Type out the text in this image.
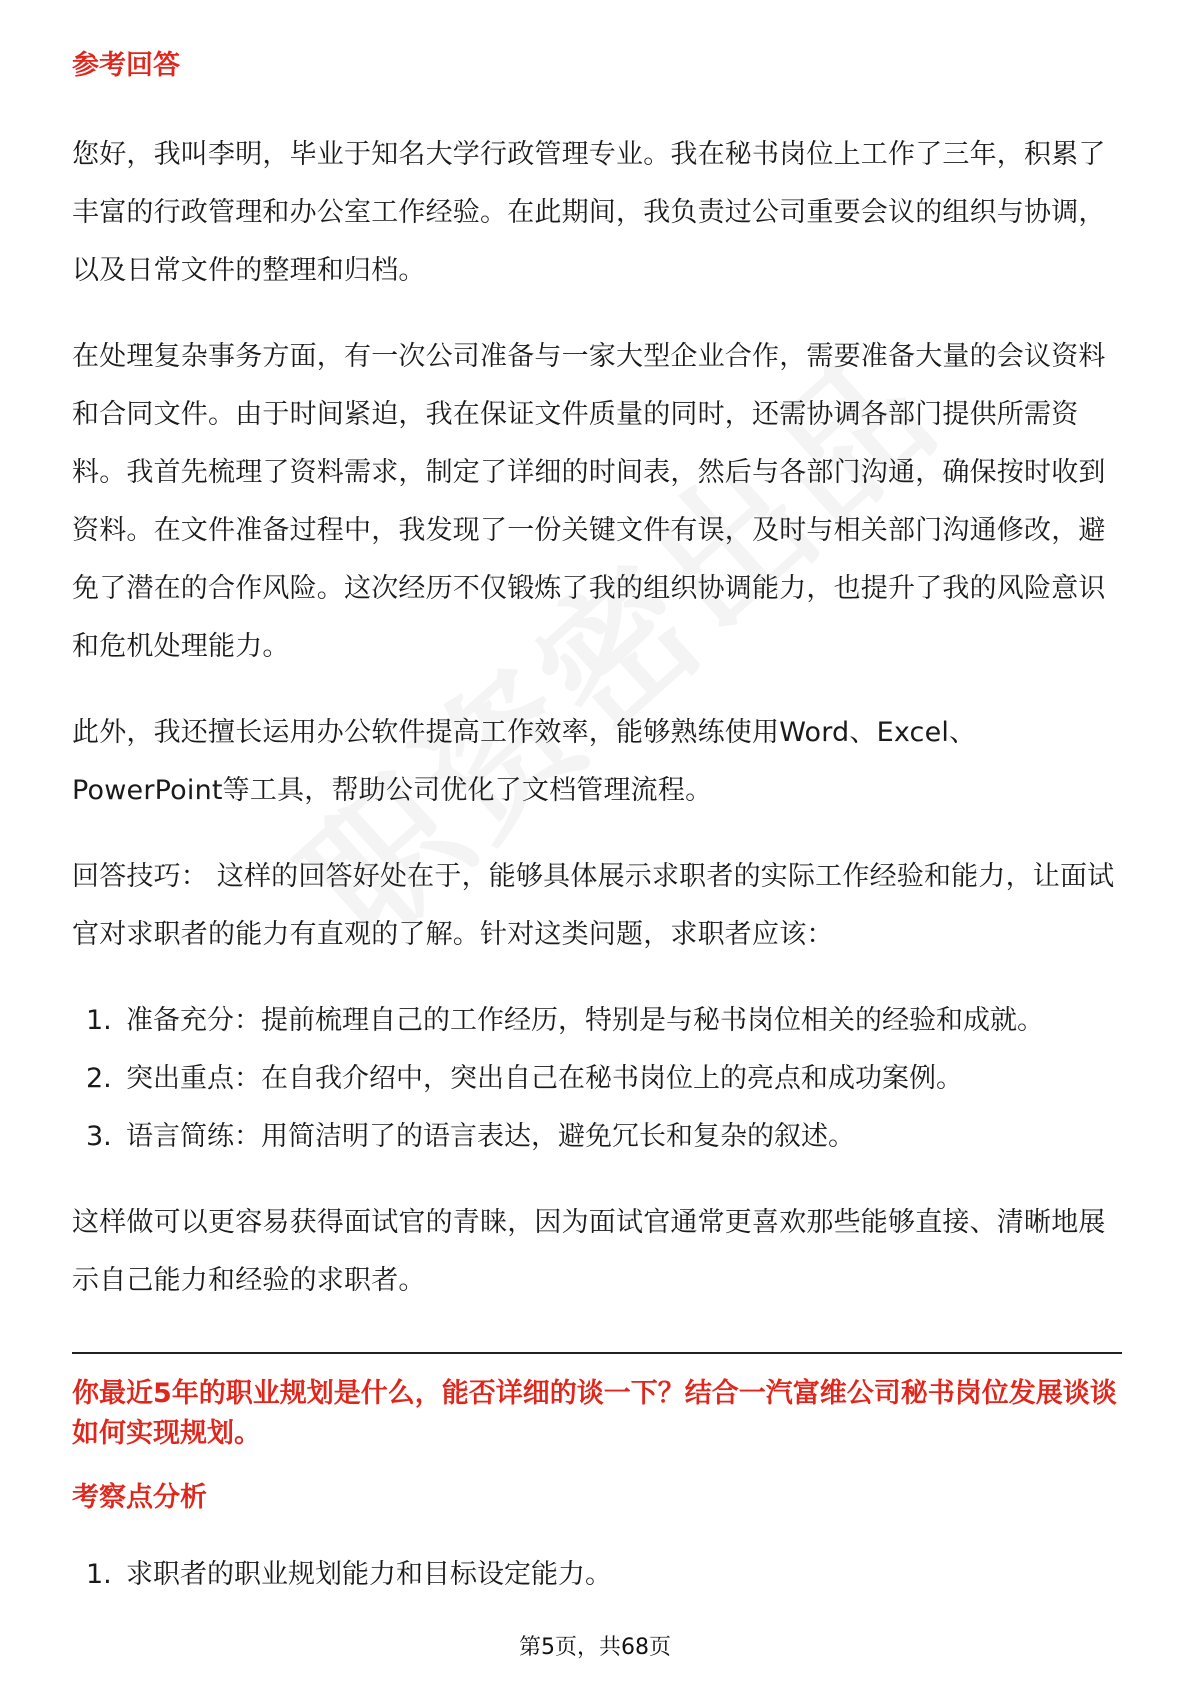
参考回答

您好，我叫李明，毕业于知名大学行政管理专业。我在秘书岗位上工作了三年，积累了丰富的行政管理和办公室工作经验。在此期间，我负责过公司重要会议的组织与协调，以及日常文件的整理和归档。

在处理复杂事务方面，有一次公司准备与一家大型企业合作，需要准备大量的会议资料和合同文件。由于时间紧迫，我在保证文件质量的同时，还需协调各部门提供所需资料。我首先梳理了资料需求，制定了详细的时间表，然后与各部门沟通，确保按时收到资料。在文件准备过程中，我发现了一份关键文件有误，及时与相关部门沟通修改，避免了潜在的合作风险。这次经历不仅锻炼了我的组织协调能力，也提升了我的风险意识和危机处理能力。

此外，我还擅长运用办公软件提高工作效率，能够熟练使用Word、Excel、PowerPoint等工具，帮助公司优化了文档管理流程。

回答技巧： 这样的回答好处在于，能够具体展示求职者的实际工作经验和能力，让面试官对求职者的能力有直观的了解。针对这类问题，求职者应该：

1. 准备充分：提前梳理自己的工作经历，特别是与秘书岗位相关的经验和成就。
2. 突出重点：在自我介绍中，突出自己在秘书岗位上的亮点和成功案例。
3. 语言简练：用简洁明了的语言表达，避免冗长和复杂的叙述。

这样做可以更容易获得面试官的青睐，因为面试官通常更喜欢那些能够直接、清晰地展示自己能力和经验的求职者。

你最近5年的职业规划是什么，能否详细的谈一下？结合一汽富维公司秘书岗位发展谈谈如何实现规划。
考察点分析
1. 求职者的职业规划能力和目标设定能力。
第5页，共68页
